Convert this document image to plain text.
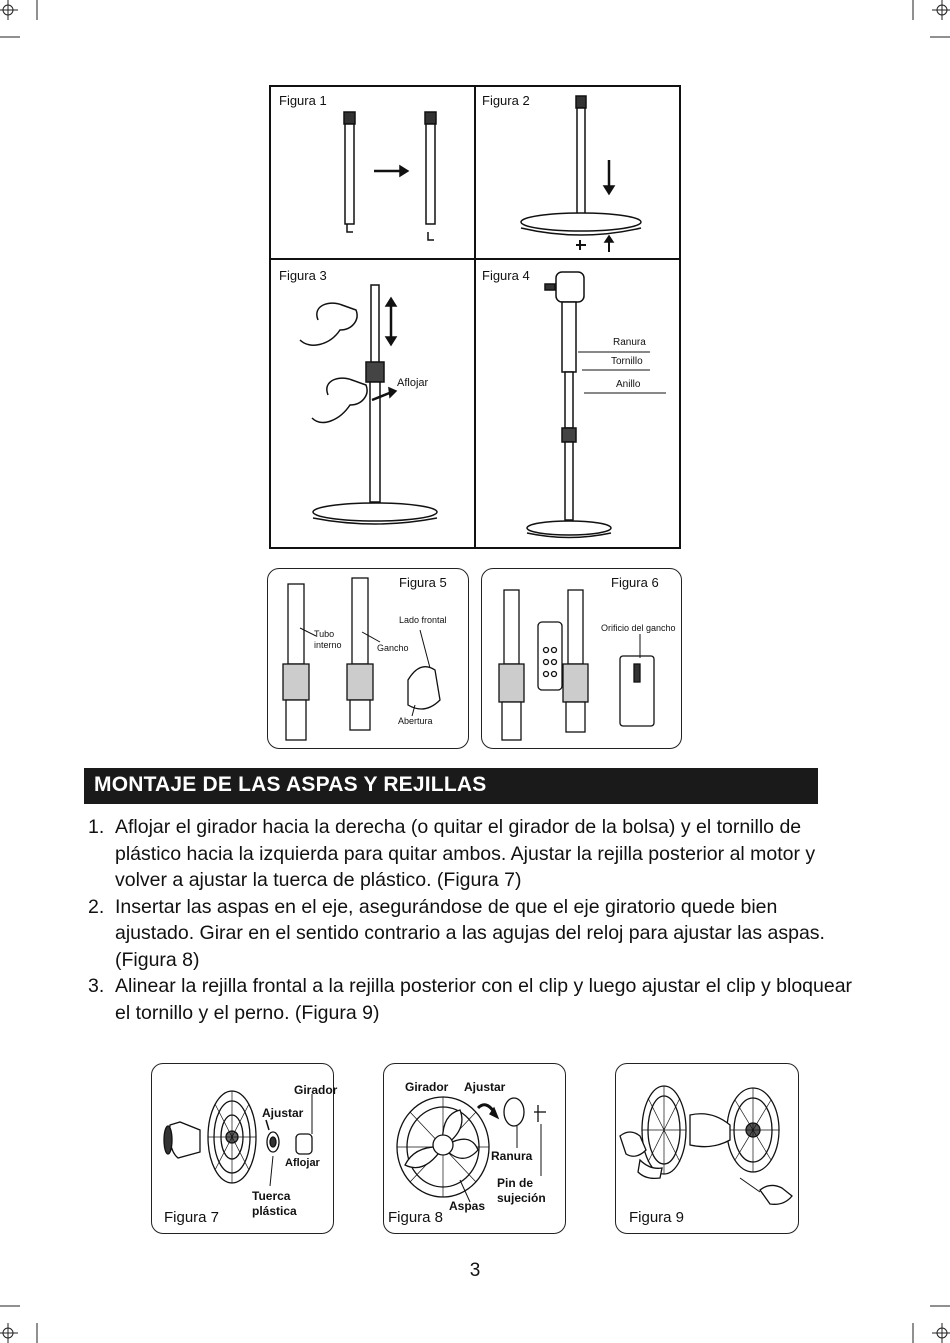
Figura 1	Figura 2
Figura 3	Figura 4
Aflojar
Ranura
Tornillo
Anillo
Figura 5	Figura 6
Tubo
interno	Gancho
Lado frontal
Abertura
Orificio del gancho
MONTAJE DE LAS ASPAS Y REJILLAS
1. Aflojar el girador hacia la derecha (o quitar el girador de la bolsa) y el tornillo de plástico hacia la izquierda para quitar ambos. Ajustar la rejilla posterior al motor y volver a ajustar la tuerca de plástico. (Figura 7)
2. Insertar las aspas en el eje, asegurándose de que el eje giratorio quede bien ajustado. Girar en el sentido contrario a las agujas del reloj para ajustar las aspas. (Figura 8)
3. Alinear la rejilla frontal a la rejilla posterior con el clip y luego ajustar el clip y bloquear el tornillo y el perno. (Figura 9)
Girador
Ajustar
Aflojar
Tuerca
plástica
Figura 7
Girador Ajustar
Ranura
Pin de
sujeción
Aspas
Figura 8	Figura 9
3
